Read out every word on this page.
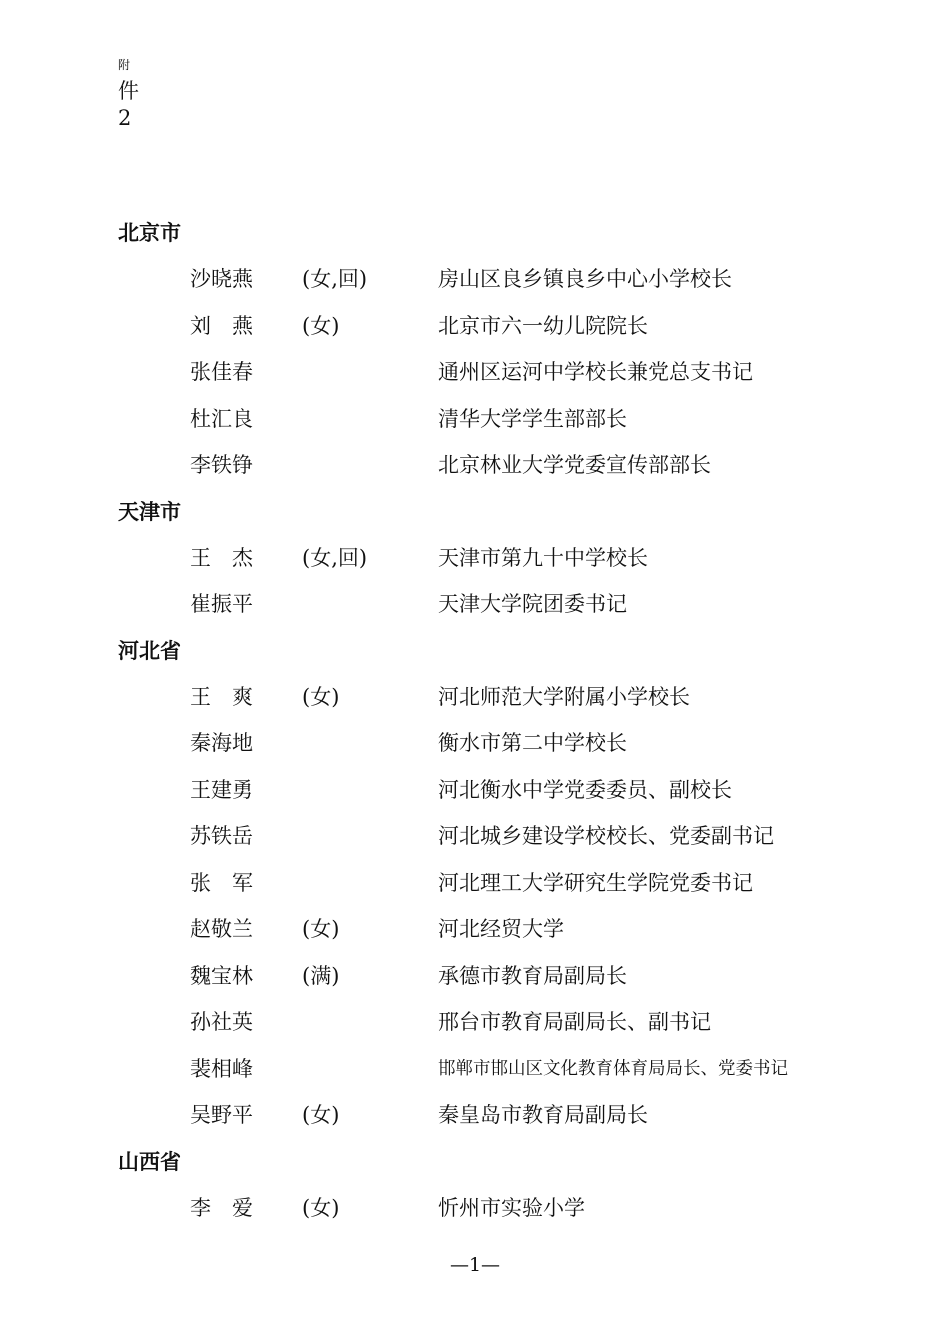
附
件
2
北京市
沙晓燕 (女,回)	房山区良乡镇良乡中心小学校长
刘　燕 (女)	北京市六一幼儿院院长
张佳春	通州区运河中学校长兼党总支书记
杜汇良	清华大学学生部部长
李铁铮	北京林业大学党委宣传部部长
天津市
王　杰 (女,回)	天津市第九十中学校长
崔振平	天津大学院团委书记
河北省
王　爽 (女)	河北师范大学附属小学校长
秦海地	衡水市第二中学校长
王建勇	河北衡水中学党委委员、副校长
苏铁岳	河北城乡建设学校校长、党委副书记
张　军	河北理工大学研究生学院党委书记
赵敬兰 (女)	河北经贸大学
魏宝林 (满)	承德市教育局副局长
孙社英	邢台市教育局副局长、副书记
裴相峰	邯郸市邯山区文化教育体育局局长、党委书记
吴野平 (女)	秦皇岛市教育局副局长
山西省
李　爱 (女)	忻州市实验小学
—1—
